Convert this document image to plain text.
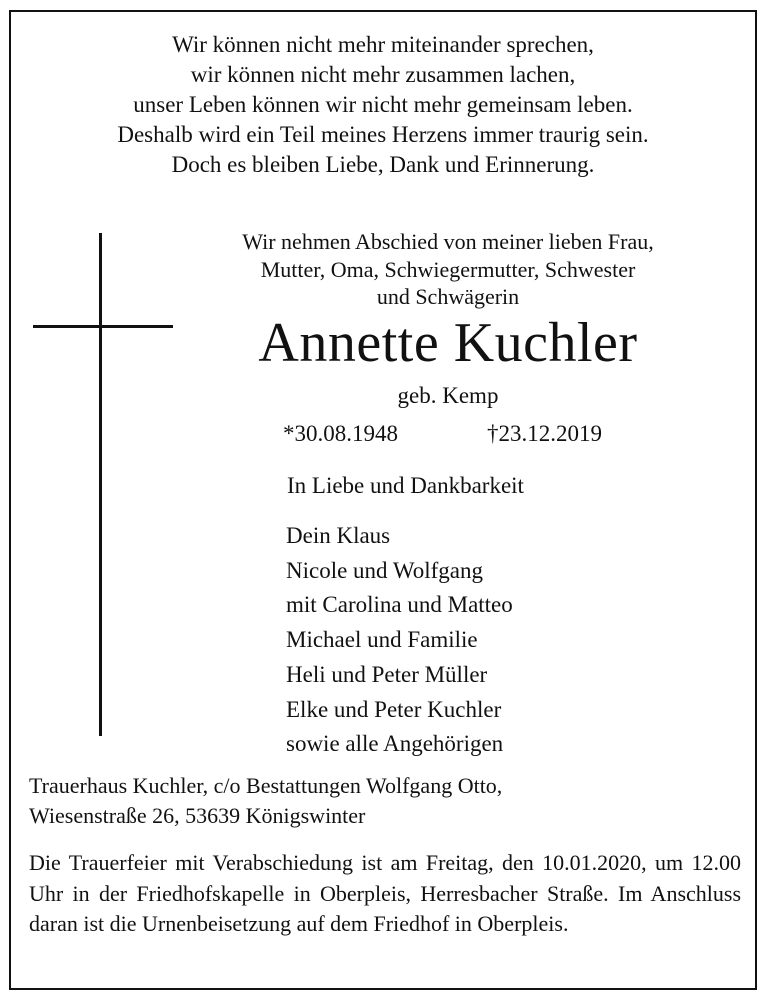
Wir können nicht mehr miteinander sprechen,
wir können nicht mehr zusammen lachen,
unser Leben können wir nicht mehr gemeinsam leben.
Deshalb wird ein Teil meines Herzens immer traurig sein.
Doch es bleiben Liebe, Dank und Erinnerung.
Wir nehmen Abschied von meiner lieben Frau,
Mutter, Oma, Schwiegermutter, Schwester
und Schwägerin
Annette Kuchler
geb. Kemp
*30.08.1948	†23.12.2019
In Liebe und Dankbarkeit
Dein Klaus
Nicole und Wolfgang
mit Carolina und Matteo
Michael und Familie
Heli und Peter Müller
Elke und Peter Kuchler
sowie alle Angehörigen
Trauerhaus Kuchler, c/o Bestattungen Wolfgang Otto,
Wiesenstraße 26, 53639 Königswinter
Die Trauerfeier mit Verabschiedung ist am Freitag, den 10.01.2020, um 12.00 Uhr in der Friedhofskapelle in Oberpleis, Herresbacher Straße. Im Anschluss daran ist die Urnenbeisetzung auf dem Friedhof in Oberpleis.
